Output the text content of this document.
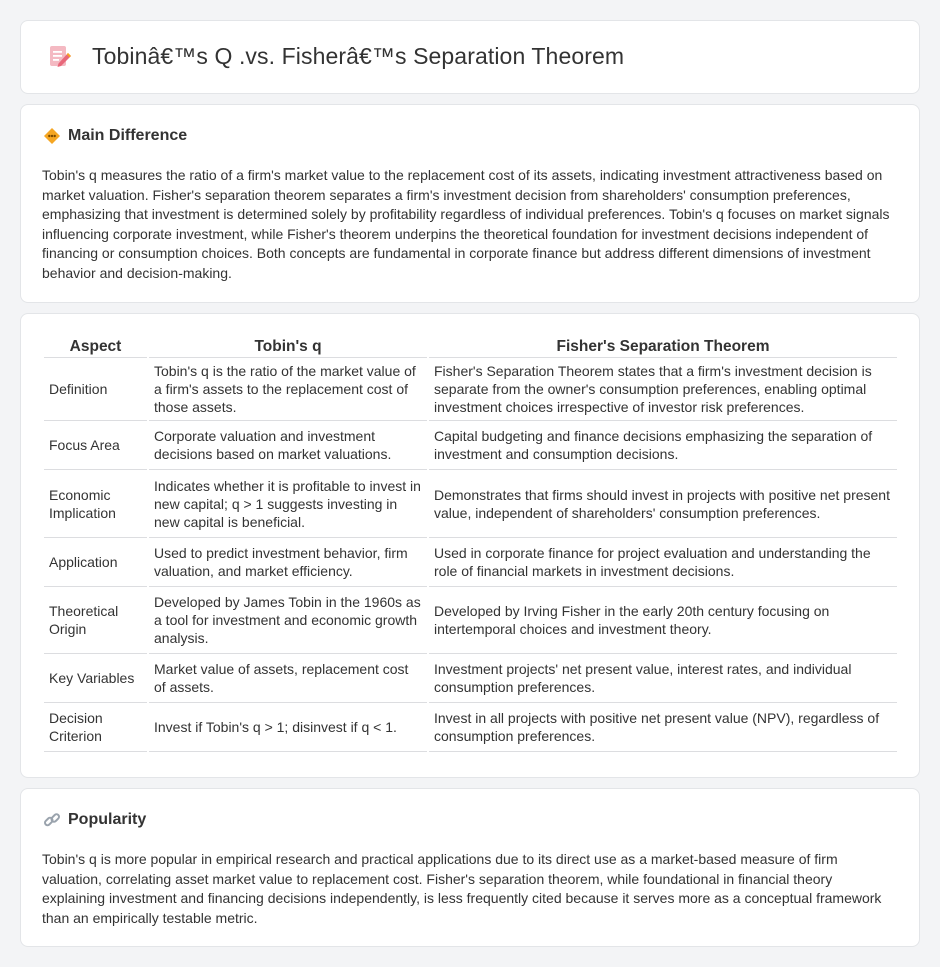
Tobinâ€™s Q .vs. Fisherâ€™s Separation Theorem
Main Difference

Tobin's q measures the ratio of a firm's market value to the replacement cost of its assets, indicating investment attractiveness based on market valuation. Fisher's separation theorem separates a firm's investment decision from shareholders' consumption preferences, emphasizing that investment is determined solely by profitability regardless of individual preferences. Tobin's q focuses on market signals influencing corporate investment, while Fisher's theorem underpins the theoretical foundation for investment decisions independent of financing or consumption choices. Both concepts are fundamental in corporate finance but address different dimensions of investment behavior and decision-making.

Aspect	Tobin's q	Fisher's Separation Theorem
Definition	Tobin's q is the ratio of the market value of a firm's assets to the replacement cost of those assets.	Fisher's Separation Theorem states that a firm's investment decision is separate from the owner's consumption preferences, enabling optimal investment choices irrespective of investor risk preferences.
Focus Area	Corporate valuation and investment decisions based on market valuations.	Capital budgeting and finance decisions emphasizing the separation of investment and consumption decisions.
Economic Implication	Indicates whether it is profitable to invest in new capital; q > 1 suggests investing in new capital is beneficial.	Demonstrates that firms should invest in projects with positive net present value, independent of shareholders' consumption preferences.
Application	Used to predict investment behavior, firm valuation, and market efficiency.	Used in corporate finance for project evaluation and understanding the role of financial markets in investment decisions.
Theoretical Origin	Developed by James Tobin in the 1960s as a tool for investment and economic growth analysis.	Developed by Irving Fisher in the early 20th century focusing on intertemporal choices and investment theory.
Key Variables	Market value of assets, replacement cost of assets.	Investment projects' net present value, interest rates, and individual consumption preferences.
Decision Criterion	Invest if Tobin's q > 1; disinvest if q < 1.	Invest in all projects with positive net present value (NPV), regardless of consumption preferences.
Popularity

Tobin's q is more popular in empirical research and practical applications due to its direct use as a market-based measure of firm valuation, correlating asset market value to replacement cost. Fisher's separation theorem, while foundational in financial theory explaining investment and financing decisions independently, is less frequently cited because it serves more as a conceptual framework than an empirically testable metric.
